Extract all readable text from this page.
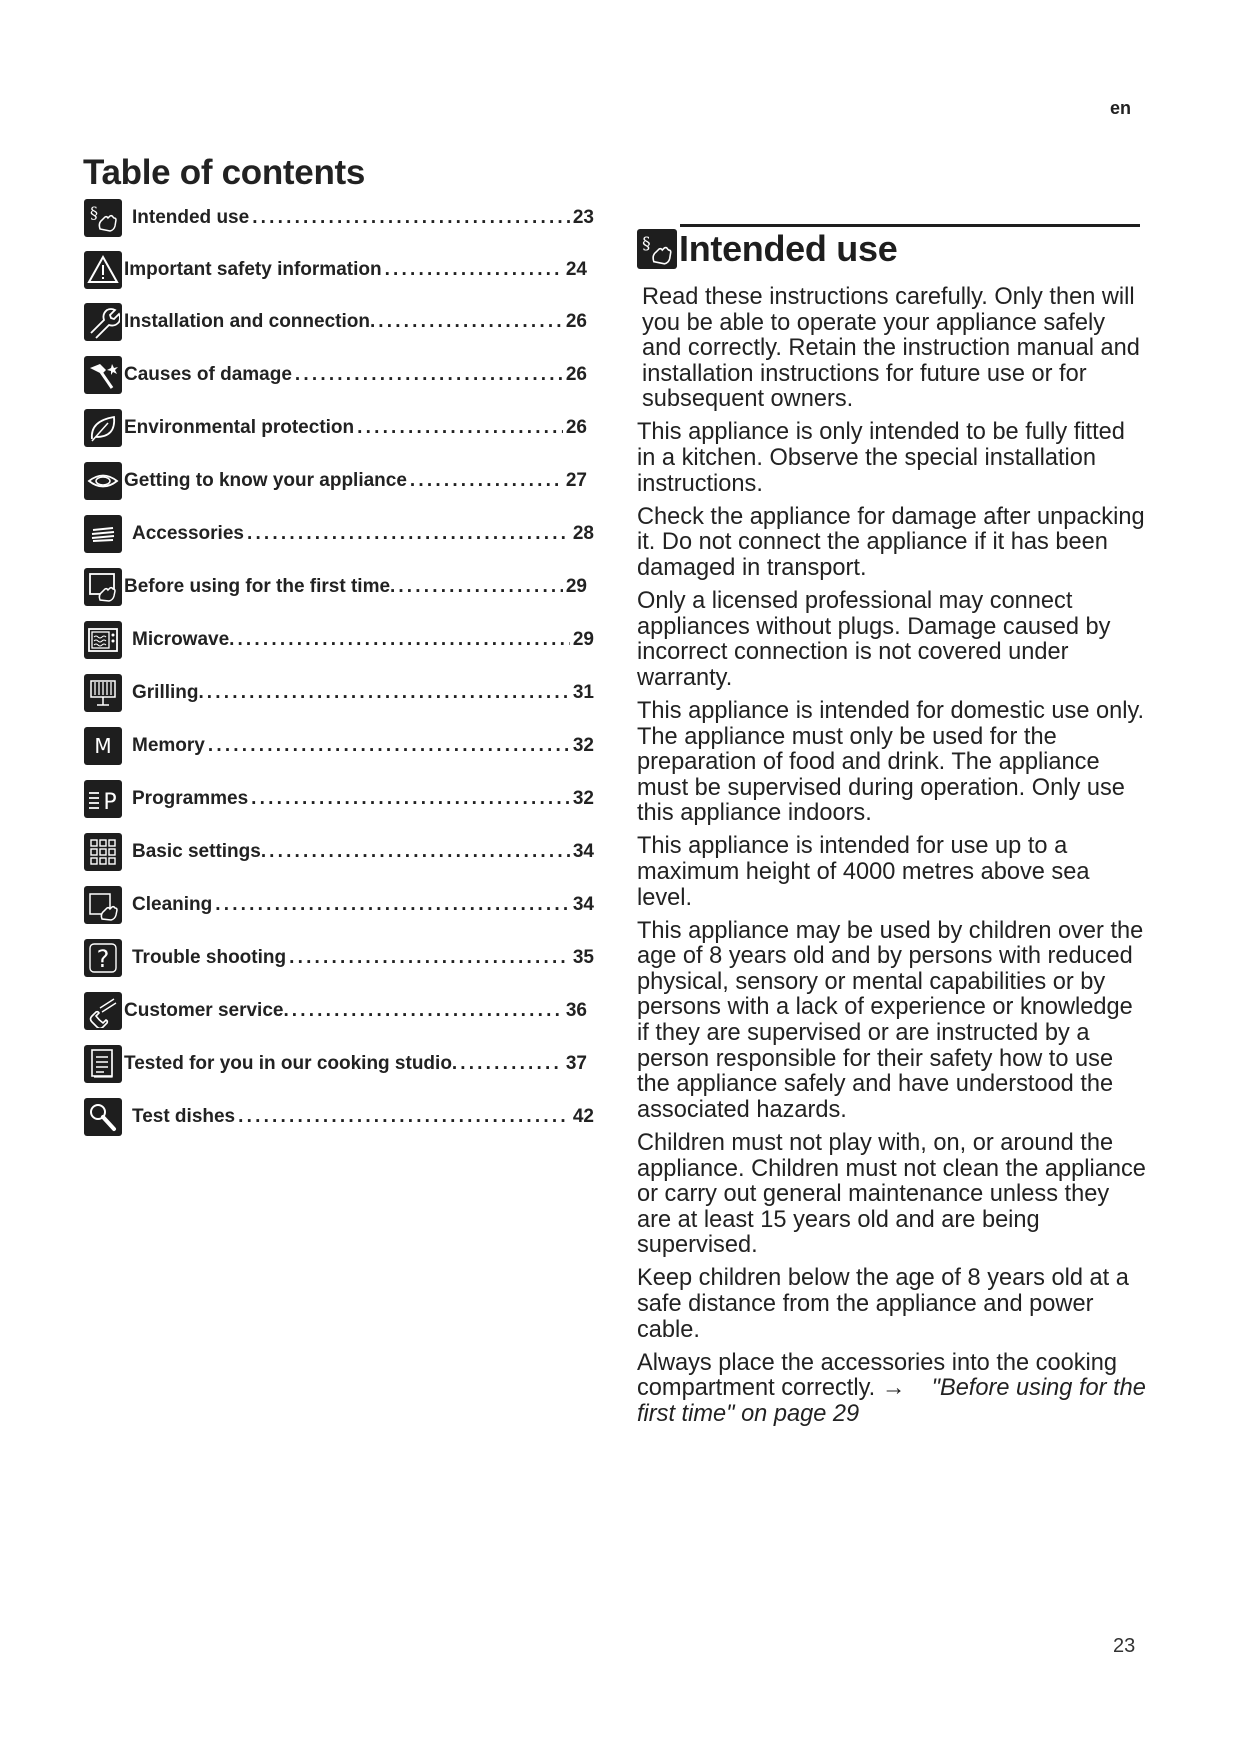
en
Table of contents
§ Intended use .....	23
Important safety information .....	24
Installation and connection. .....	26
Causes of damage .....	26
Environmental protection .....	26
Getting to know your appliance .....	27
Accessories .....	28
Before using for the first time. .....	29
Microwave. .....	29
Grilling. .....	31
M Memory .....	32
P Programmes .....	32
Basic settings. .....	34
Cleaning .....	34
? Trouble shooting .....	35
Customer service. .....	36
Tested for you in our cooking studio. .....	37
Test dishes .....	42
§ Intended use

Read these instructions carefully. Only then will you be able to operate your appliance safely and correctly. Retain the instruction manual and installation instructions for future use or for subsequent owners.

This appliance is only intended to be fully fitted in a kitchen. Observe the special installation instructions.

Check the appliance for damage after unpacking it. Do not connect the appliance if it has been damaged in transport.

Only a licensed professional may connect appliances without plugs. Damage caused by incorrect connection is not covered under warranty.

This appliance is intended for domestic use only. The appliance must only be used for the preparation of food and drink. The appliance must be supervised during operation. Only use this appliance indoors.

This appliance is intended for use up to a maximum height of 4000 metres above sea level.

This appliance may be used by children over the age of 8 years old and by persons with reduced physical, sensory or mental capabilities or by persons with a lack of experience or knowledge if they are supervised or are instructed by a person responsible for their safety how to use the appliance safely and have understood the associated hazards.

Children must not play with, on, or around the appliance. Children must not clean the appliance or carry out general maintenance unless they are at least 15 years old and are being supervised.

Keep children below the age of 8 years old at a safe distance from the appliance and power cable.

Always place the accessories into the cooking compartment correctly. → "Before using for the first time" on page 29

23
